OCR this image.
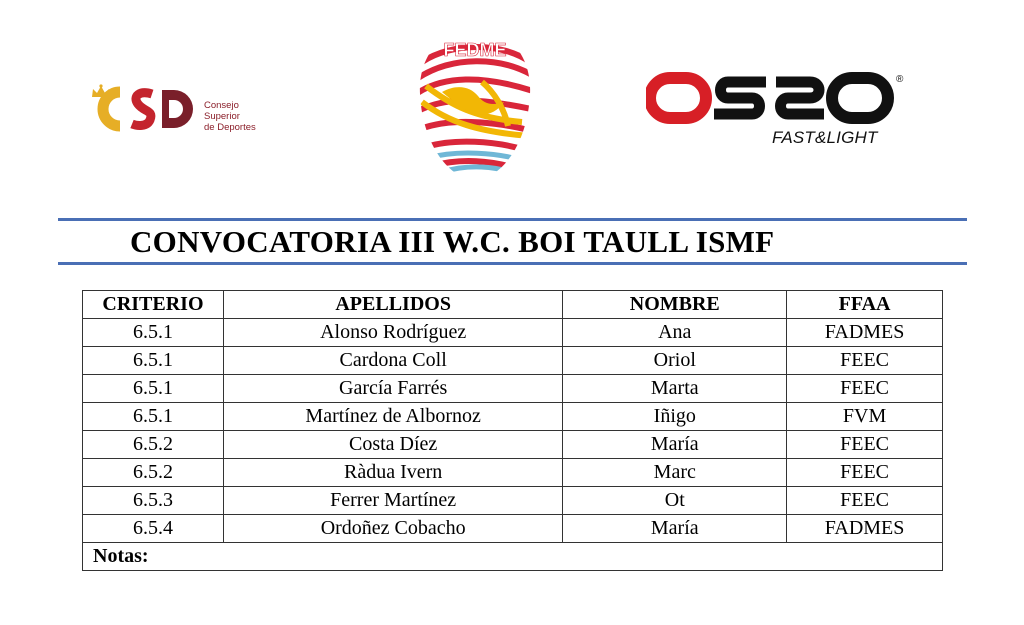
Consejo
Superior
de Deportes
FEDME
®
FAST&LIGHT
CONVOCATORIA III W.C. BOI TAULL ISMF
CRITERIO	APELLIDOS	NOMBRE	FFAA
6.5.1	Alonso Rodríguez	Ana	FADMES
6.5.1	Cardona Coll	Oriol	FEEC
6.5.1	García Farrés	Marta	FEEC
6.5.1	Martínez de Albornoz	Iñigo	FVM
6.5.2	Costa Díez	María	FEEC
6.5.2	Ràdua Ivern	Marc	FEEC
6.5.3	Ferrer Martínez	Ot	FEEC
6.5.4	Ordoñez Cobacho	María	FADMES
Notas:			
